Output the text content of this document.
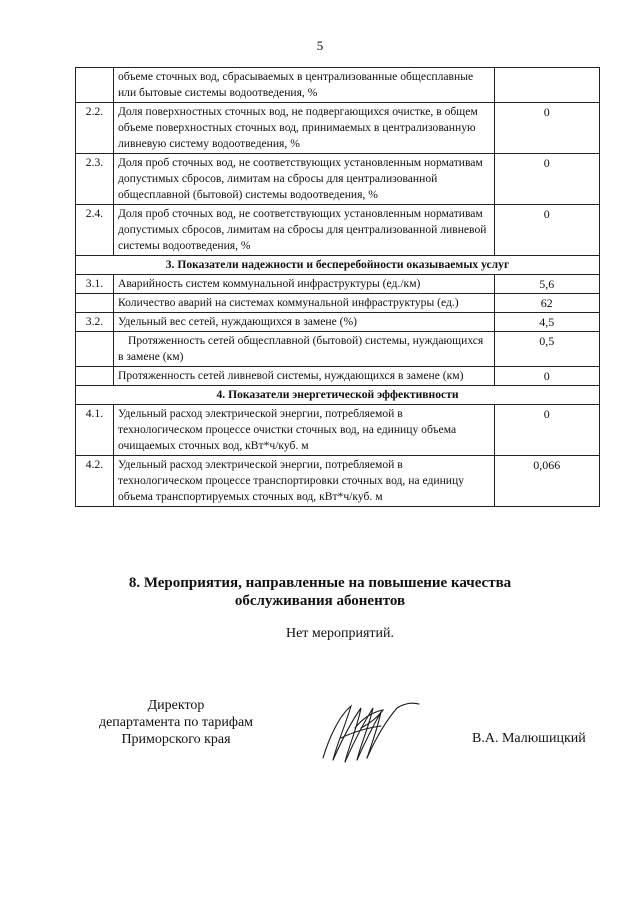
5
	объеме сточных вод, сбрасываемых в централизованные общесплавные или бытовые системы водоотведения, %	
2.2.	Доля поверхностных сточных вод, не подвергающихся очистке, в общем объеме поверхностных сточных вод, принимаемых в централизованную ливневую систему водоотведения, %	0
2.3.	Доля проб сточных вод, не соответствующих установленным нормативам допустимых сбросов, лимитам на сбросы для централизованной общесплавной (бытовой) системы водоотведения, %	0
2.4.	Доля проб сточных вод, не соответствующих установленным нормативам допустимых сбросов, лимитам на сбросы для централизованной ливневой системы водоотведения, %	0
3. Показатели надежности и бесперебойности оказываемых услуг		
3.1.	Аварийность систем коммунальной инфраструктуры (ед./км)	5,6
	Количество аварий на системах коммунальной инфраструктуры (ед.)	62
3.2.	Удельный вес сетей, нуждающихся в замене (%)	4,5
	Протяженность сетей общесплавной (бытовой) системы, нуждающихся в замене (км)	0,5
	Протяженность сетей ливневой системы, нуждающихся в замене (км)	0
4. Показатели энергетической эффективности		
4.1.	Удельный расход электрической энергии, потребляемой в технологическом процессе очистки сточных вод, на единицу объема очищаемых сточных вод, кВт*ч/куб. м	0
4.2.	Удельный расход электрической энергии, потребляемой в технологическом процессе транспортировки сточных вод, на единицу объема транспортируемых сточных вод, кВт*ч/куб. м	0,066
8. Мероприятия, направленные на повышение качества
обслуживания абонентов
Нет мероприятий.
Директор
департамента по тарифам
Приморского края	В.А. Малюшицкий
